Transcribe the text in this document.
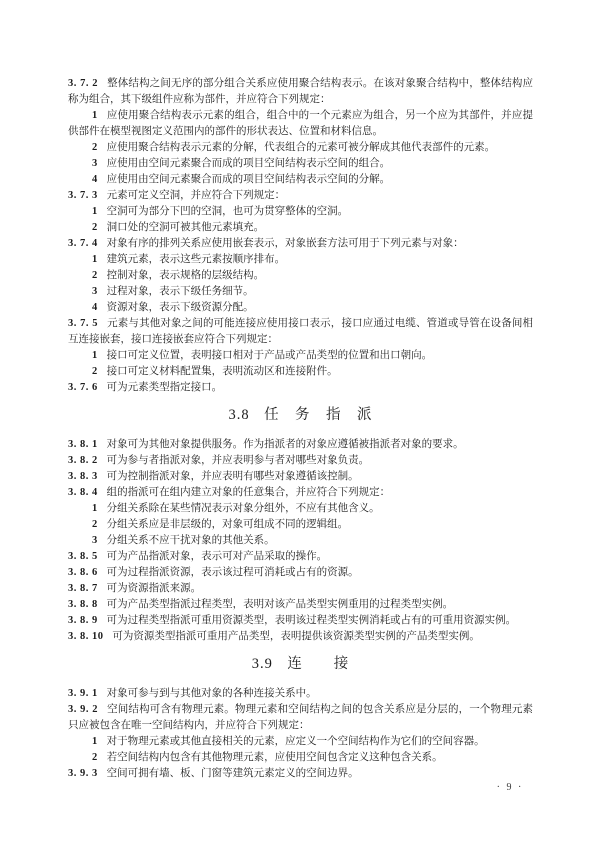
3. 7. 2 整体结构之间无序的部分组合关系应使用聚合结构表示。在该对象聚合结构中，整体结构应称为组合，其下级组件应称为部件，并应符合下列规定：

1 应使用聚合结构表示元素的组合，组合中的一个元素应为组合，另一个应为其部件，并应提供部件在模型视图定义范围内的部件的形状表达、位置和材料信息。

2 应使用聚合结构表示元素的分解，代表组合的元素可被分解成其他代表部件的元素。

3 应使用由空间元素聚合而成的项目空间结构表示空间的组合。

4 应使用由空间元素聚合而成的项目空间结构表示空间的分解。

3. 7. 3 元素可定义空洞，并应符合下列规定：

1 空洞可为部分下凹的空洞，也可为贯穿整体的空洞。

2 洞口处的空洞可被其他元素填充。

3. 7. 4 对象有序的排列关系应使用嵌套表示，对象嵌套方法可用于下列元素与对象：

1 建筑元素，表示这些元素按顺序排布。

2 控制对象，表示规格的层级结构。

3 过程对象，表示下级任务细节。

4 资源对象，表示下级资源分配。

3. 7. 5 元素与其他对象之间的可能连接应使用接口表示，接口应通过电缆、管道或导管在设备间相互连接嵌套，接口连接嵌套应符合下列规定：

1 接口可定义位置，表明接口相对于产品或产品类型的位置和出口朝向。

2 接口可定义材料配置集，表明流动区和连接附件。

3. 7. 6 可为元素类型指定接口。

3.8 任　务　指　派

3. 8. 1 对象可为其他对象提供服务。作为指派者的对象应遵循被指派者对象的要求。

3. 8. 2 可为参与者指派对象，并应表明参与者对哪些对象负责。

3. 8. 3 可为控制指派对象，并应表明有哪些对象遵循该控制。

3. 8. 4 组的指派可在组内建立对象的任意集合，并应符合下列规定：

1 分组关系除在某些情况表示对象分组外，不应有其他含义。

2 分组关系应是非层级的，对象可组成不同的逻辑组。

3 分组关系不应干扰对象的其他关系。

3. 8. 5 可为产品指派对象，表示可对产品采取的操作。

3. 8. 6 可为过程指派资源，表示该过程可消耗或占有的资源。

3. 8. 7 可为资源指派来源。

3. 8. 8 可为产品类型指派过程类型，表明对该产品类型实例重用的过程类型实例。

3. 8. 9 可为过程类型指派可重用资源类型，表明该过程类型实例消耗或占有的可重用资源实例。

3. 8. 10 可为资源类型指派可重用产品类型，表明提供该资源类型实例的产品类型实例。

3.9 连　　接

3. 9. 1 对象可参与到与其他对象的各种连接关系中。

3. 9. 2 空间结构可含有物理元素。物理元素和空间结构之间的包含关系应是分层的，一个物理元素只应被包含在唯一空间结构内，并应符合下列规定：

1 对于物理元素或其他直接相关的元素，应定义一个空间结构作为它们的空间容器。

2 若空间结构内包含有其他物理元素，应使用空间包含定义这种包含关系。

3. 9. 3 空间可拥有墙、板、门窗等建筑元素定义的空间边界。

· 9 ·
